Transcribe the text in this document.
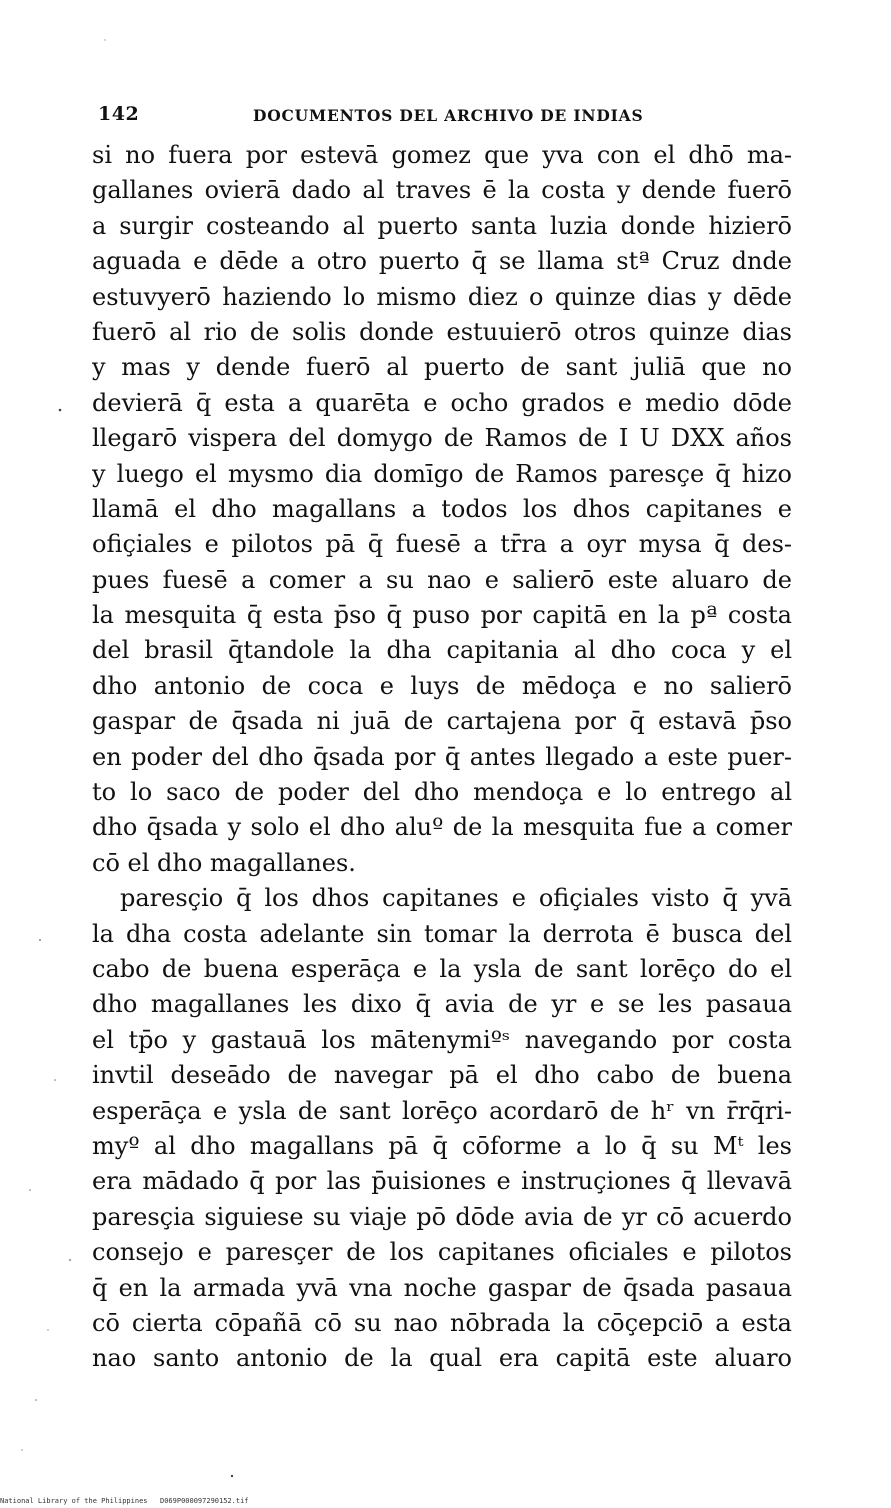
142	DOCUMENTOS DEL ARCHIVO DE INDIAS
si no fuera por estevā gomez que yva con el dhō ma-
gallanes ovierā dado al traves ē la costa y dende fuerō
a surgir costeando al puerto santa luzia donde hizierō
aguada e dēde a otro puerto q̄ se llama stª Cruz dnde
estuvyerō haziendo lo mismo diez o quinze dias y dēde
fuerō al rio de solis donde estuuierō otros quinze dias
y mas y dende fuerō al puerto de sant juliā que no
devierā q̄ esta a quarēta e ocho grados e medio dōde
llegarō vispera del domygo de Ramos de I U DXX años
y luego el mysmo dia domīgo de Ramos paresçe q̄ hizo
llamā el dho magallans a todos los dhos capitanes e
ofiçiales e pilotos pā q̄ fuesē a tr̄ra a oyr mysa q̄ des-
pues fuesē a comer a su nao e salierō este aluaro de
la mesquita q̄ esta p̄so q̄ puso por capitā en la pª costa
del brasil q̄tandole la dha capitania al dho coca y el
dho antonio de coca e luys de mēdoça e no salierō
gaspar de q̄sada ni juā de cartajena por q̄ estavā p̄so
en poder del dho q̄sada por q̄ antes llegado a este puer-
to lo saco de poder del dho mendoça e lo entrego al
dho q̄sada y solo el dho aluº de la mesquita fue a comer
cō el dho magallanes.
paresçio q̄ los dhos capitanes e ofiçiales visto q̄ yvā
la dha costa adelante sin tomar la derrota ē busca del
cabo de buena esperāça e la ysla de sant lorēço do el
dho magallanes les dixo q̄ avia de yr e se les pasaua
el tp̄o y gastauā los mātenymiºˢ navegando por costa
invtil deseādo de navegar pā el dho cabo de buena
esperāça e ysla de sant lorēço acordarō de hʳ vn r̄rq̄ri-
myº al dho magallans pā q̄ cōforme a lo q̄ su Mᵗ les
era mādado q̄ por las p̄uisiones e instruçiones q̄ llevavā
paresçia siguiese su viaje pō dōde avia de yr cō acuerdo
consejo e paresçer de los capitanes oficiales e pilotos
q̄ en la armada yvā vna noche gaspar de q̄sada pasaua
cō cierta cōpañā cō su nao nōbrada la cōçepciō a esta
nao santo antonio de la qual era capitā este aluaro
National Library of the Philippines D069P000097290152.tif
